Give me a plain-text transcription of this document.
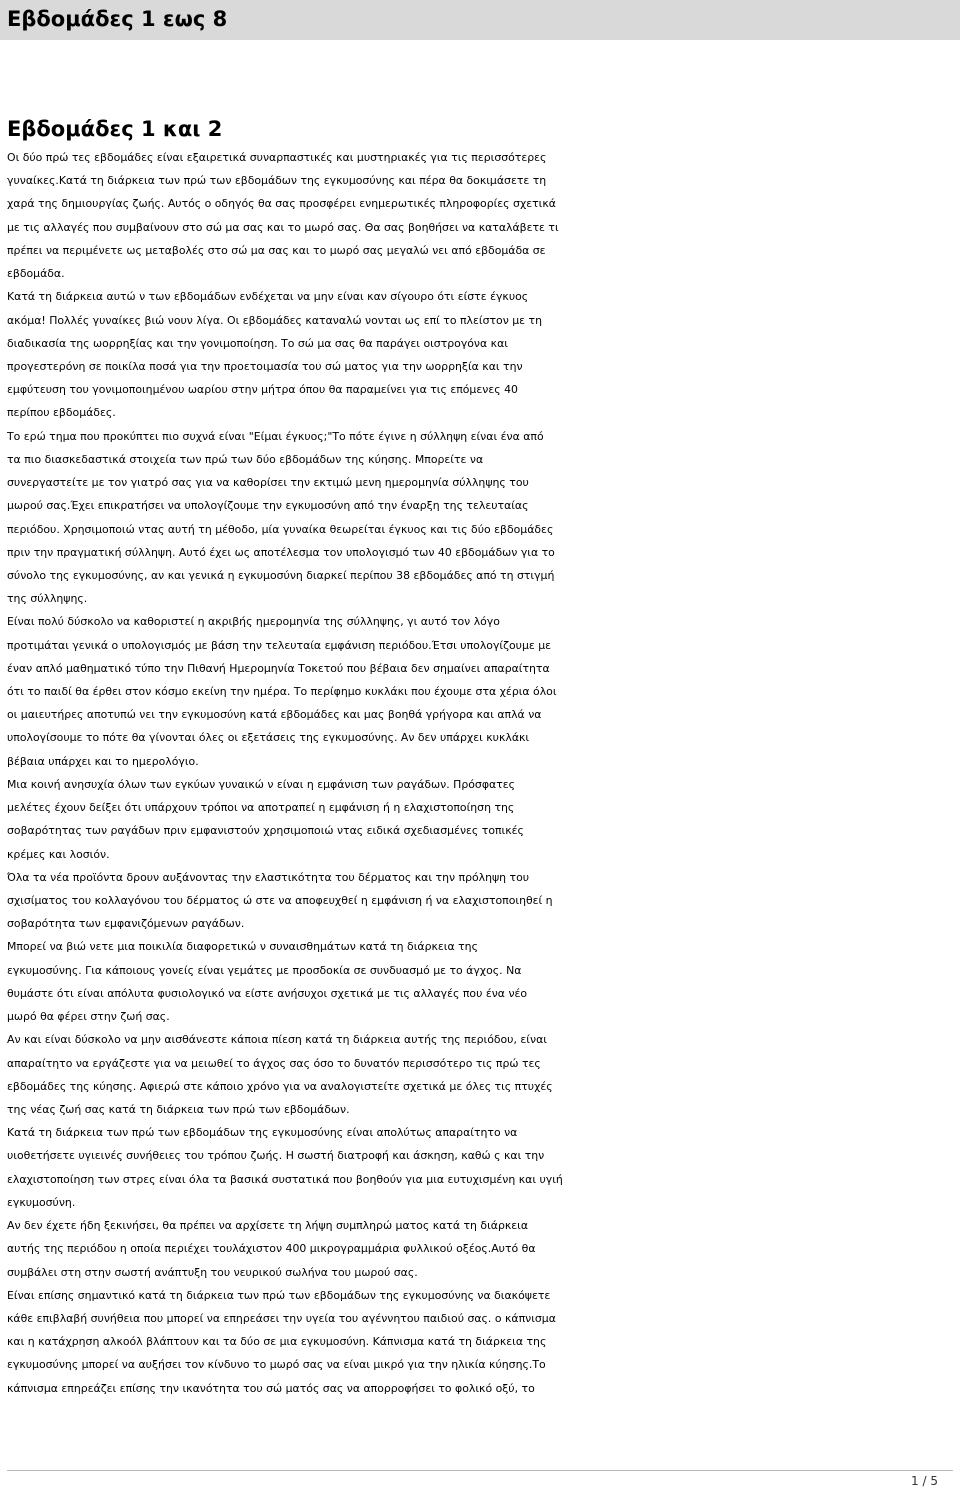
Εβδομάδες 1 εως 8
Εβδομάδες 1 και 2
Οι δύο πρώ τες εβδομάδες είναι εξαιρετικά συναρπαστικές και μυστηριακές για τις περισσότερες
γυναίκες.Κατά τη διάρκεια των πρώ των εβδομάδων της εγκυμοσύνης και πέρα θα δοκιμάσετε τη
χαρά της δημιουργίας ζωής. Αυτός ο οδηγός θα σας προσφέρει ενημερωτικές πληροφορίες σχετικά
με τις αλλαγές που συμβαίνουν στο σώ μα σας και το μωρό σας. Θα σας βοηθήσει να καταλάβετε τι
πρέπει να περιμένετε ως μεταβολές στο σώ μα σας και το μωρό σας μεγαλώ νει από εβδομάδα σε
εβδομάδα.
Κατά τη διάρκεια αυτώ ν των εβδομάδων ενδέχεται να μην είναι καν σίγουρο ότι είστε έγκυος
ακόμα! Πολλές γυναίκες βιώ νουν λίγα. Οι εβδομάδες καταναλώ νονται ως επί το πλείστον με τη
διαδικασία της ωορρηξίας και την γονιμοποίηση. Το σώ μα σας θα παράγει οιστρογόνα και
προγεστερόνη σε ποικίλα ποσά για την προετοιμασία του σώ ματος για την ωορρηξία και την
εμφύτευση του γονιμοποιημένου ωαρίου στην μήτρα όπου θα παραμείνει για τις επόμενες 40
περίπου εβδομάδες.
Το ερώ τημα που προκύπτει πιο συχνά είναι "Είμαι έγκυος;"Το πότε έγινε η σύλληψη είναι ένα από
τα πιο διασκεδαστικά στοιχεία των πρώ των δύο εβδομάδων της κύησης. Μπορείτε να
συνεργαστείτε με τον γιατρό σας για να καθορίσει την εκτιμώ μενη ημερομηνία σύλληψης του
μωρού σας.Έχει επικρατήσει να υπολογίζουμε την εγκυμοσύνη από την έναρξη της τελευταίας
περιόδου. Χρησιμοποιώ ντας αυτή τη μέθοδο, μία γυναίκα θεωρείται έγκυος και τις δύο εβδομάδες
πριν την πραγματική σύλληψη. Αυτό έχει ως αποτέλεσμα τον υπολογισμό των 40 εβδομάδων για το
σύνολο της εγκυμοσύνης, αν και γενικά η εγκυμοσύνη διαρκεί περίπου 38 εβδομάδες από τη στιγμή
της σύλληψης.
Είναι πολύ δύσκολο να καθοριστεί η ακριβής ημερομηνία της σύλληψης, γι αυτό τον λόγο
προτιμάται γενικά ο υπολογισμός με βάση την τελευταία εμφάνιση περιόδου.Έτσι υπολογίζουμε με
έναν απλό μαθηματικό τύπο την Πιθανή Ημερομηνία Τοκετού που βέβαια δεν σημαίνει απαραίτητα
ότι το παιδί θα έρθει στον κόσμο εκείνη την ημέρα. Το περίφημο κυκλάκι που έχουμε στα χέρια όλοι
οι μαιευτήρες αποτυπώ νει την εγκυμοσύνη κατά εβδομάδες και μας βοηθά γρήγορα και απλά να
υπολογίσουμε το πότε θα γίνονται όλες οι εξετάσεις της εγκυμοσύνης. Αν δεν υπάρχει κυκλάκι
βέβαια υπάρχει και το ημερολόγιο.
Μια κοινή ανησυχία όλων των εγκύων γυναικώ ν είναι η εμφάνιση των ραγάδων. Πρόσφατες
μελέτες έχουν δείξει ότι υπάρχουν τρόποι να αποτραπεί η εμφάνιση ή η ελαχιστοποίηση της
σοβαρότητας των ραγάδων πριν εμφανιστούν χρησιμοποιώ ντας ειδικά σχεδιασμένες τοπικές
κρέμες και λοσιόν.
Όλα τα νέα προϊόντα δρουν αυξάνοντας την ελαστικότητα του δέρματος και την πρόληψη του
σχισίματος του κολλαγόνου του δέρματος ώ στε να αποφευχθεί η εμφάνιση ή να ελαχιστοποιηθεί η
σοβαρότητα των εμφανιζόμενων ραγάδων.
Μπορεί να βιώ νετε μια ποικιλία διαφορετικώ ν συναισθημάτων κατά τη διάρκεια της
εγκυμοσύνης. Για κάποιους γονείς είναι γεμάτες με προσδοκία σε συνδυασμό με το άγχος. Να
θυμάστε ότι είναι απόλυτα φυσιολογικό να είστε ανήσυχοι σχετικά με τις αλλαγές που ένα νέο
μωρό θα φέρει στην ζωή σας.
Αν και είναι δύσκολο να μην αισθάνεστε κάποια πίεση κατά τη διάρκεια αυτής της περιόδου, είναι
απαραίτητο να εργάζεστε για να μειωθεί το άγχος σας όσο το δυνατόν περισσότερο τις πρώ τες
εβδομάδες της κύησης. Αφιερώ στε κάποιο χρόνο για να αναλογιστείτε σχετικά με όλες τις πτυχές
της νέας ζωή σας κατά τη διάρκεια των πρώ των εβδομάδων.
Κατά τη διάρκεια των πρώ των εβδομάδων της εγκυμοσύνης είναι απολύτως απαραίτητο να
υιοθετήσετε υγιεινές συνήθειες του τρόπου ζωής. Η σωστή διατροφή και άσκηση, καθώ ς και την
ελαχιστοποίηση των στρες είναι όλα τα βασικά συστατικά που βοηθούν για μια ευτυχισμένη και υγιή
εγκυμοσύνη.
Αν δεν έχετε ήδη ξεκινήσει, θα πρέπει να αρχίσετε τη λήψη συμπληρώ ματος κατά τη διάρκεια
αυτής της περιόδου η οποία περιέχει τουλάχιστον 400 μικρογραμμάρια φυλλικού οξέος.Αυτό θα
συμβάλει στη στην σωστή ανάπτυξη του νευρικού σωλήνα του μωρού σας.
Είναι επίσης σημαντικό κατά τη διάρκεια των πρώ των εβδομάδων της εγκυμοσύνης να διακόψετε
κάθε επιβλαβή συνήθεια που μπορεί να επηρεάσει την υγεία του αγέννητου παιδιού σας. ο κάπνισμα
και η κατάχρηση αλκοόλ βλάπτουν και τα δύο σε μια εγκυμοσύνη. Κάπνισμα κατά τη διάρκεια της
εγκυμοσύνης μπορεί να αυξήσει τον κίνδυνο το μωρό σας να είναι μικρό για την ηλικία κύησης.Το
κάπνισμα επηρεάζει επίσης την ικανότητα του σώ ματός σας να απορροφήσει το φολικό οξύ, το
1 / 5
